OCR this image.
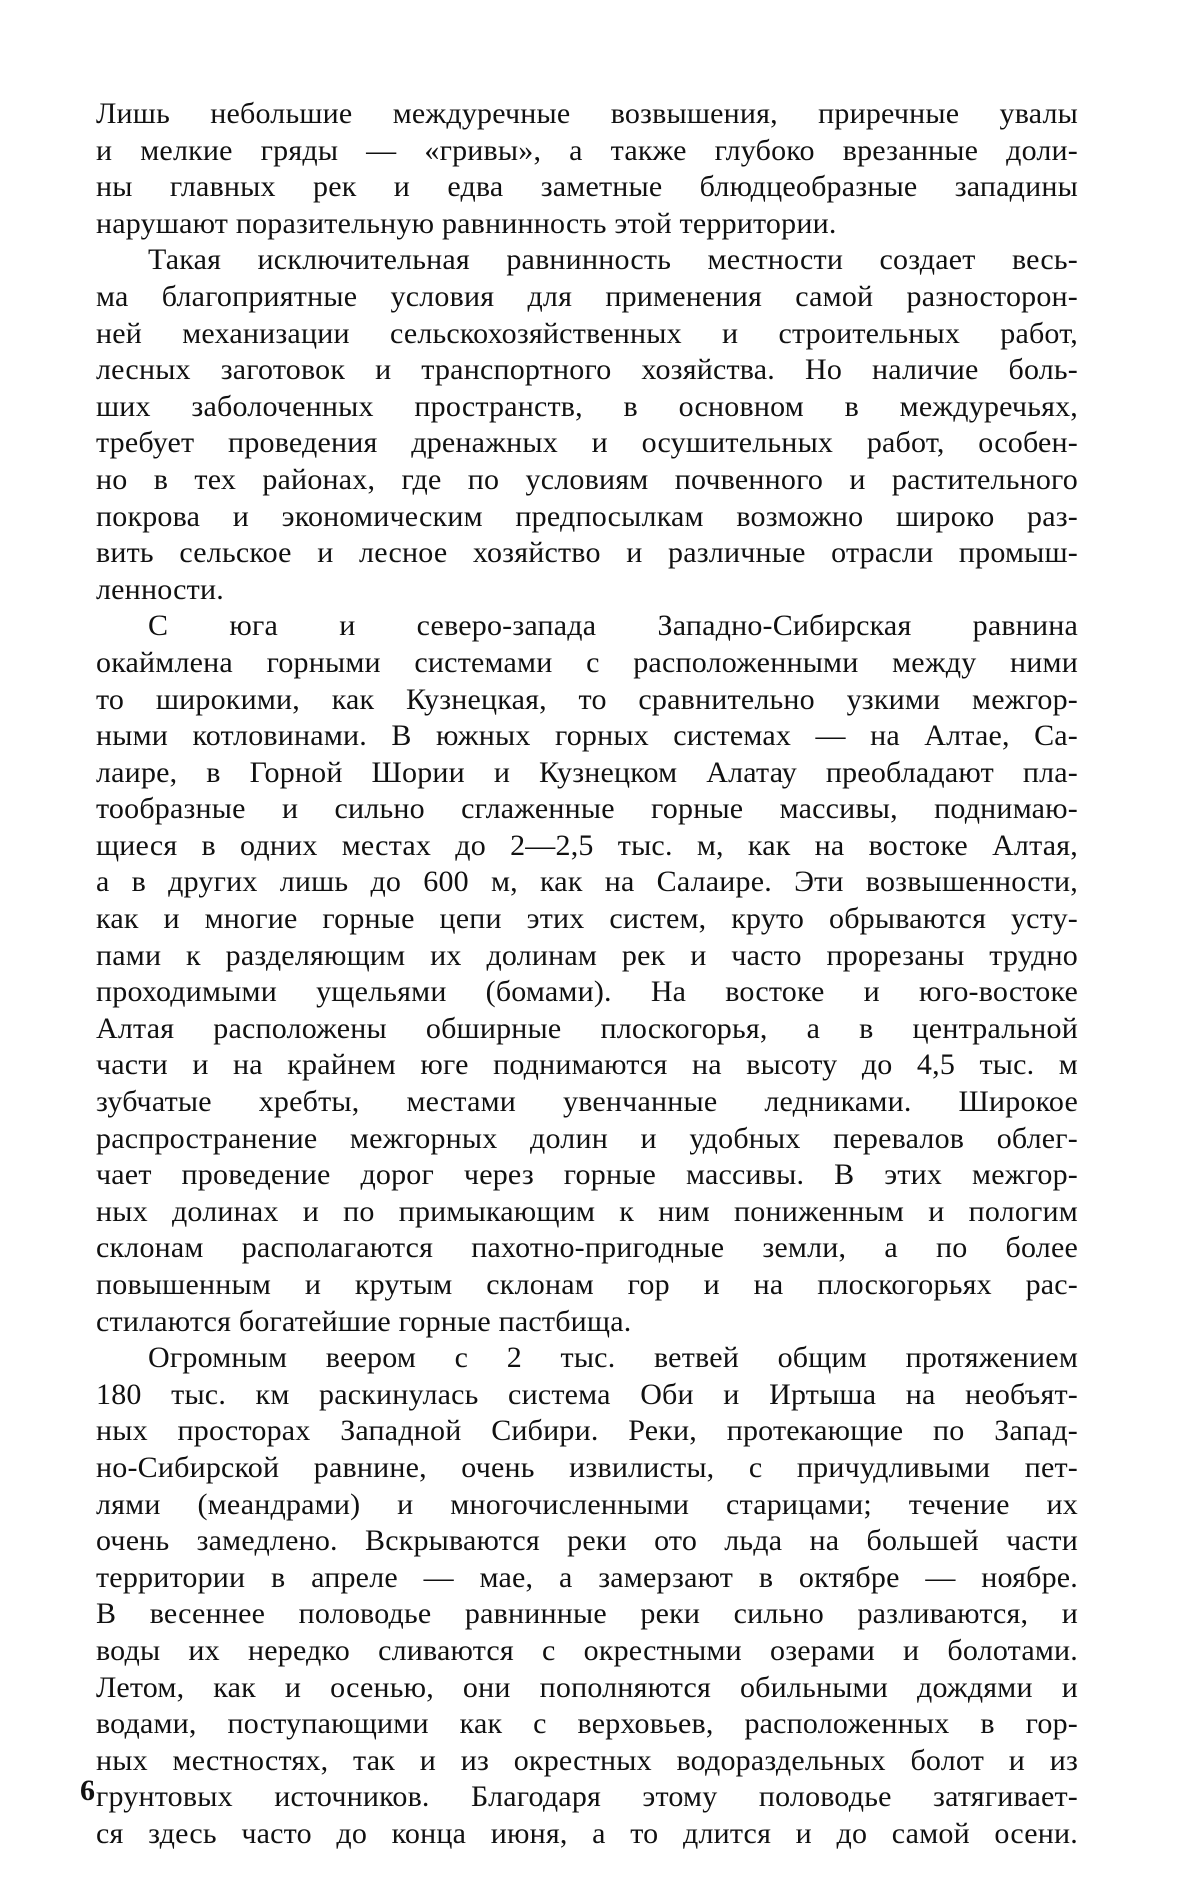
Лишь небольшие междуречные возвышения, приречные увалы
и мелкие гряды — «гривы», а также глубоко врезанные доли-
ны главных рек и едва заметные блюдцеобразные западины
нарушают поразительную равнинность этой территории.
Такая исключительная равнинность местности создает весь-
ма благоприятные условия для применения самой разносторон-
ней механизации сельскохозяйственных и строительных работ,
лесных заготовок и транспортного хозяйства. Но наличие боль-
ших заболоченных пространств, в основном в междуречьях,
требует проведения дренажных и осушительных работ, особен-
но в тех районах, где по условиям почвенного и растительного
покрова и экономическим предпосылкам возможно широко раз-
вить сельское и лесное хозяйство и различные отрасли промыш-
ленности.
С юга и северо-запада Западно-Сибирская равнина
окаймлена горными системами с расположенными между ними
то широкими, как Кузнецкая, то сравнительно узкими межгор-
ными котловинами. В южных горных системах — на Алтае, Са-
лаире, в Горной Шории и Кузнецком Алатау преобладают пла-
тообразные и сильно сглаженные горные массивы, поднимаю-
щиеся в одних местах до 2—2,5 тыс. м, как на востоке Алтая,
а в других лишь до 600 м, как на Салаире. Эти возвышенности,
как и многие горные цепи этих систем, круто обрываются усту-
пами к разделяющим их долинам рек и часто прорезаны трудно
проходимыми ущельями (бомами). На востоке и юго-востоке
Алтая расположены обширные плоскогорья, а в центральной
части и на крайнем юге поднимаются на высоту до 4,5 тыс. м
зубчатые хребты, местами увенчанные ледниками. Широкое
распространение межгорных долин и удобных перевалов облег-
чает проведение дорог через горные массивы. В этих межгор-
ных долинах и по примыкающим к ним пониженным и пологим
склонам располагаются пахотно-пригодные земли, а по более
повышенным и крутым склонам гор и на плоскогорьях рас-
стилаются богатейшие горные пастбища.
Огромным веером с 2 тыс. ветвей общим протяжением
180 тыс. км раскинулась система Оби и Иртыша на необъят-
ных просторах Западной Сибири. Реки, протекающие по Запад-
но-Сибирской равнине, очень извилисты, с причудливыми пет-
лями (меандрами) и многочисленными старицами; течение их
очень замедлено. Вскрываются реки ото льда на большей части
территории в апреле — мае, а замерзают в октябре — ноябре.
В весеннее половодье равнинные реки сильно разливаются, и
воды их нередко сливаются с окрестными озерами и болотами.
Летом, как и осенью, они пополняются обильными дождями и
водами, поступающими как с верховьев, расположенных в гор-
ных местностях, так и из окрестных водораздельных болот и из
грунтовых источников. Благодаря этому половодье затягивает-
ся здесь часто до конца июня, а то длится и до самой осени.
6
